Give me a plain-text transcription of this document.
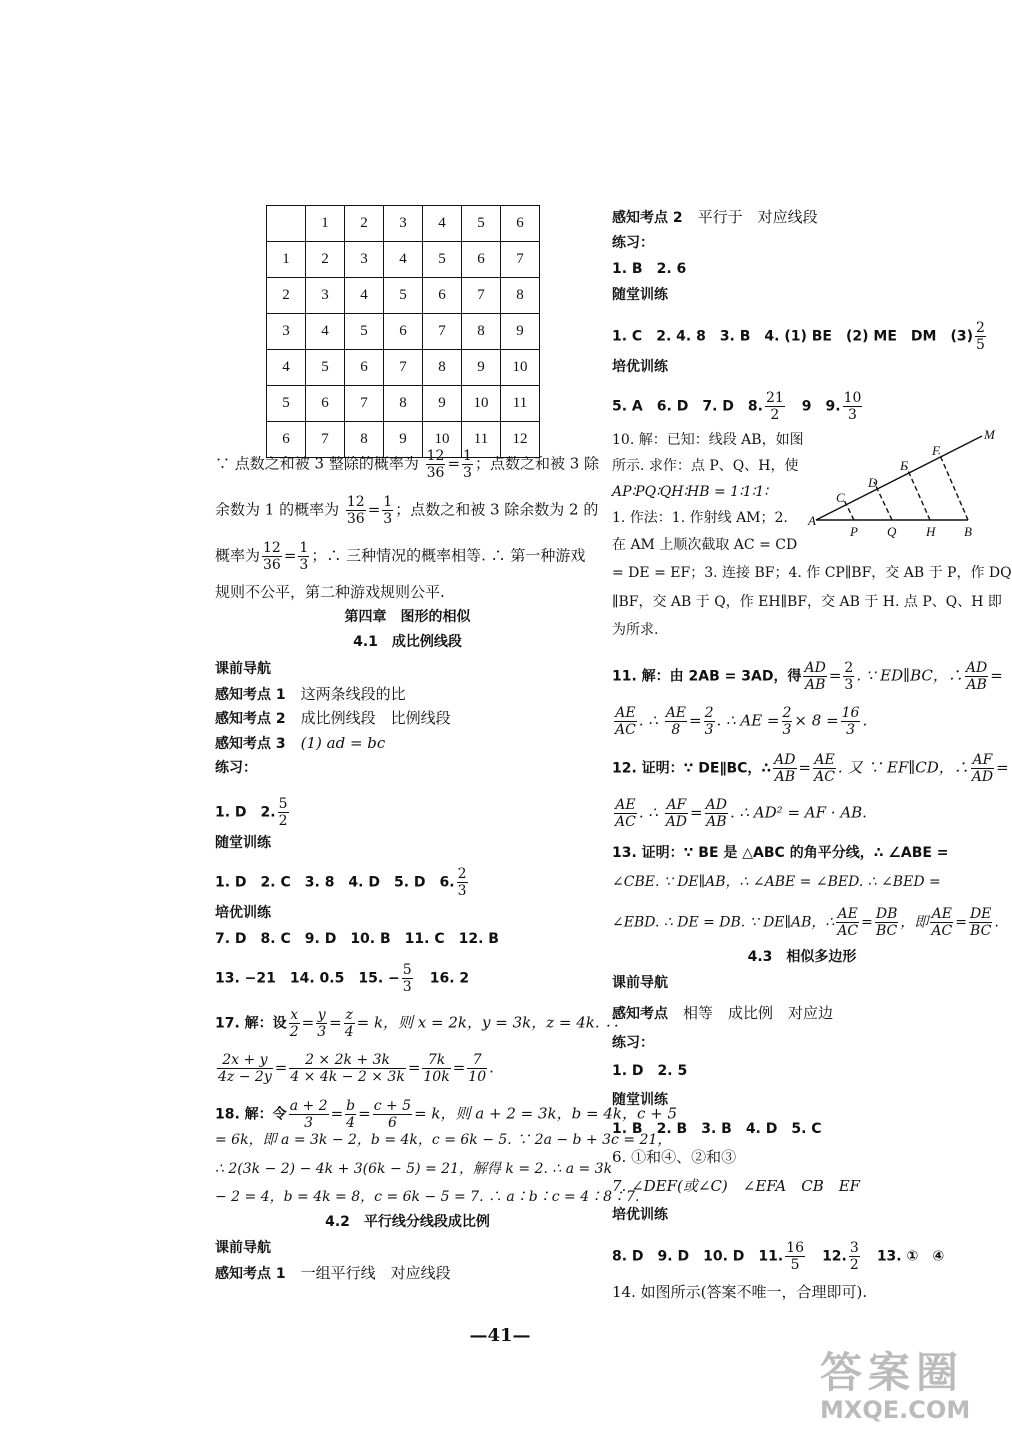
	1	2	3	4	5	6
1	2	3	4	5	6	7
2	3	4	5	6	7	8
3	4	5	6	7	8	9
4	5	6	7	8	9	10
5	6	7	8	9	10	11
6	7	8	9	10	11	12
∵ 点数之和被 3 整除的概率为 $\frac{12}{36} = \frac{1}{3}$ ；点数之和被 3 除
余数为 1 的概率为 $\frac{12}{36} = \frac{1}{3}$ ；点数之和被 3 除余数为 2 的
概率为 $\frac{12}{36} = \frac{1}{3}$ ；∴ 三种情况的概率相等. ∴ 第一种游戏
规则不公平，第二种游戏规则公平.
第四章　图形的相似
4.1　成比例线段
课前导航
感知考点 1　 这两条线段的比
感知考点 2　 成比例线段　比例线段
感知考点 3　 (1) ad = bc
练习：
1. D　2. $\frac{5}{2}$
随堂训练
1. D　2. C　3. 8　4. D　5. D　6. $\frac{2}{3}$
培优训练
7. D　8. C　9. D　10. B　11. C　12. B
13. −21　14. 0.5　15. − $\frac{5}{3}$
　 16. 2
17. 解：设 $\frac{x}{2} = \frac{y}{3} = \frac{z}{4} = k$，则 x = 2k，y = 3k，z = 4k. ∴
$\frac{2x + y}{4z - 2y} = \frac{2 \times 2k + 3k}{4 \times 4k - 2 \times 3k} = \frac{7k}{10k} = \frac{7}{10}$ .
18. 解：令 $\frac{a + 2}{3} = \frac{b}{4} = \frac{c + 5}{6} = k$，则 a + 2 = 3k，b = 4k，c + 5
= 6k，即 a = 3k − 2，b = 4k，c = 6k − 5. ∵ 2a − b + 3c = 21，
∴ 2(3k − 2) − 4k + 3(6k − 5) = 21，解得 k = 2. ∴ a = 3k
− 2 = 4，b = 4k = 8，c = 6k − 5 = 7. ∴ a∶b∶c = 4∶8∶7.
4.2　平行线分线段成比例
课前导航
感知考点 1　 一组平行线　对应线段
感知考点 2　 平行于　对应线段
练习：
1. B　2. 6
随堂训练
1. C　2. 4. 8　3. B　4. (1) BE　(2) ME　DM　$(3) \frac{2}{5}$
培优训练
5. A　6. D　7. D　8. $\frac{21}{2}$
　 9　9. $\frac{10}{3}$
10. 解：已知：线段 AB，如图
所示. 求作：点 P、Q、H，使
AP∶PQ∶QH∶HB = 1∶1∶1∶
1. 作法：1. 作射线 AM；2.
在 AM 上顺次截取 AC = CD
= DE = EF；3. 连接 BF；4. 作 CP∥BF，交 AB 于 P，作 DQ
∥BF，交 AB 于 Q，作 EH∥BF，交 AB 于 H. 点 P、Q、H 即
为所求.
11. 解：由 2AB = 3AD，得 $\frac{AD}{AB} = \frac{2}{3}$ . ∵ ED∥BC，∴ $\frac{AD}{AB}$ =
$\frac{AE}{AC}$ . ∴ $\frac{AE}{8} = \frac{2}{3}$ . ∴ AE = $\frac{2}{3} \times 8 = \frac{16}{3}$ .
12. 证明：∵ DE∥BC，∴ $\frac{AD}{AB} = \frac{AE}{AC}$ . 又 ∵ EF∥CD，∴ $\frac{AF}{AD}$ =
$\frac{AE}{AC}$ . ∴ $\frac{AF}{AD} = \frac{AD}{AB}$ . ∴ AD² = AF · AB.
13. 证明：∵ BE 是 △ABC 的角平分线，∴ ∠ABE =
∠CBE. ∵ DE∥AB，∴ ∠ABE = ∠BED. ∴ ∠BED =
∠EBD. ∴ DE = DB. ∵ DE∥AB，∴ $\frac{AE}{AC} = \frac{DB}{BC}$ ，即 $\frac{AE}{AC} = \frac{DE}{BC}$ .
4.3　相似多边形
课前导航
感知考点　 相等　成比例　对应边
练习：
1. D　2. 5
随堂训练
1. B　2. B　3. B　4. D　5. C
6. ①和④、②和③
7. ∠DEF(或∠C)　∠EFA　CB　EF
培优训练
8. D　9. D　10. D　11. $\frac{16}{5}$
　 12. $\frac{3}{2}$
　 13. ①　④
14. 如图所示(答案不唯一，合理即可).
A
P Q H B
C
D
E
F
M
—41—
答案圈
MXQE.COM
